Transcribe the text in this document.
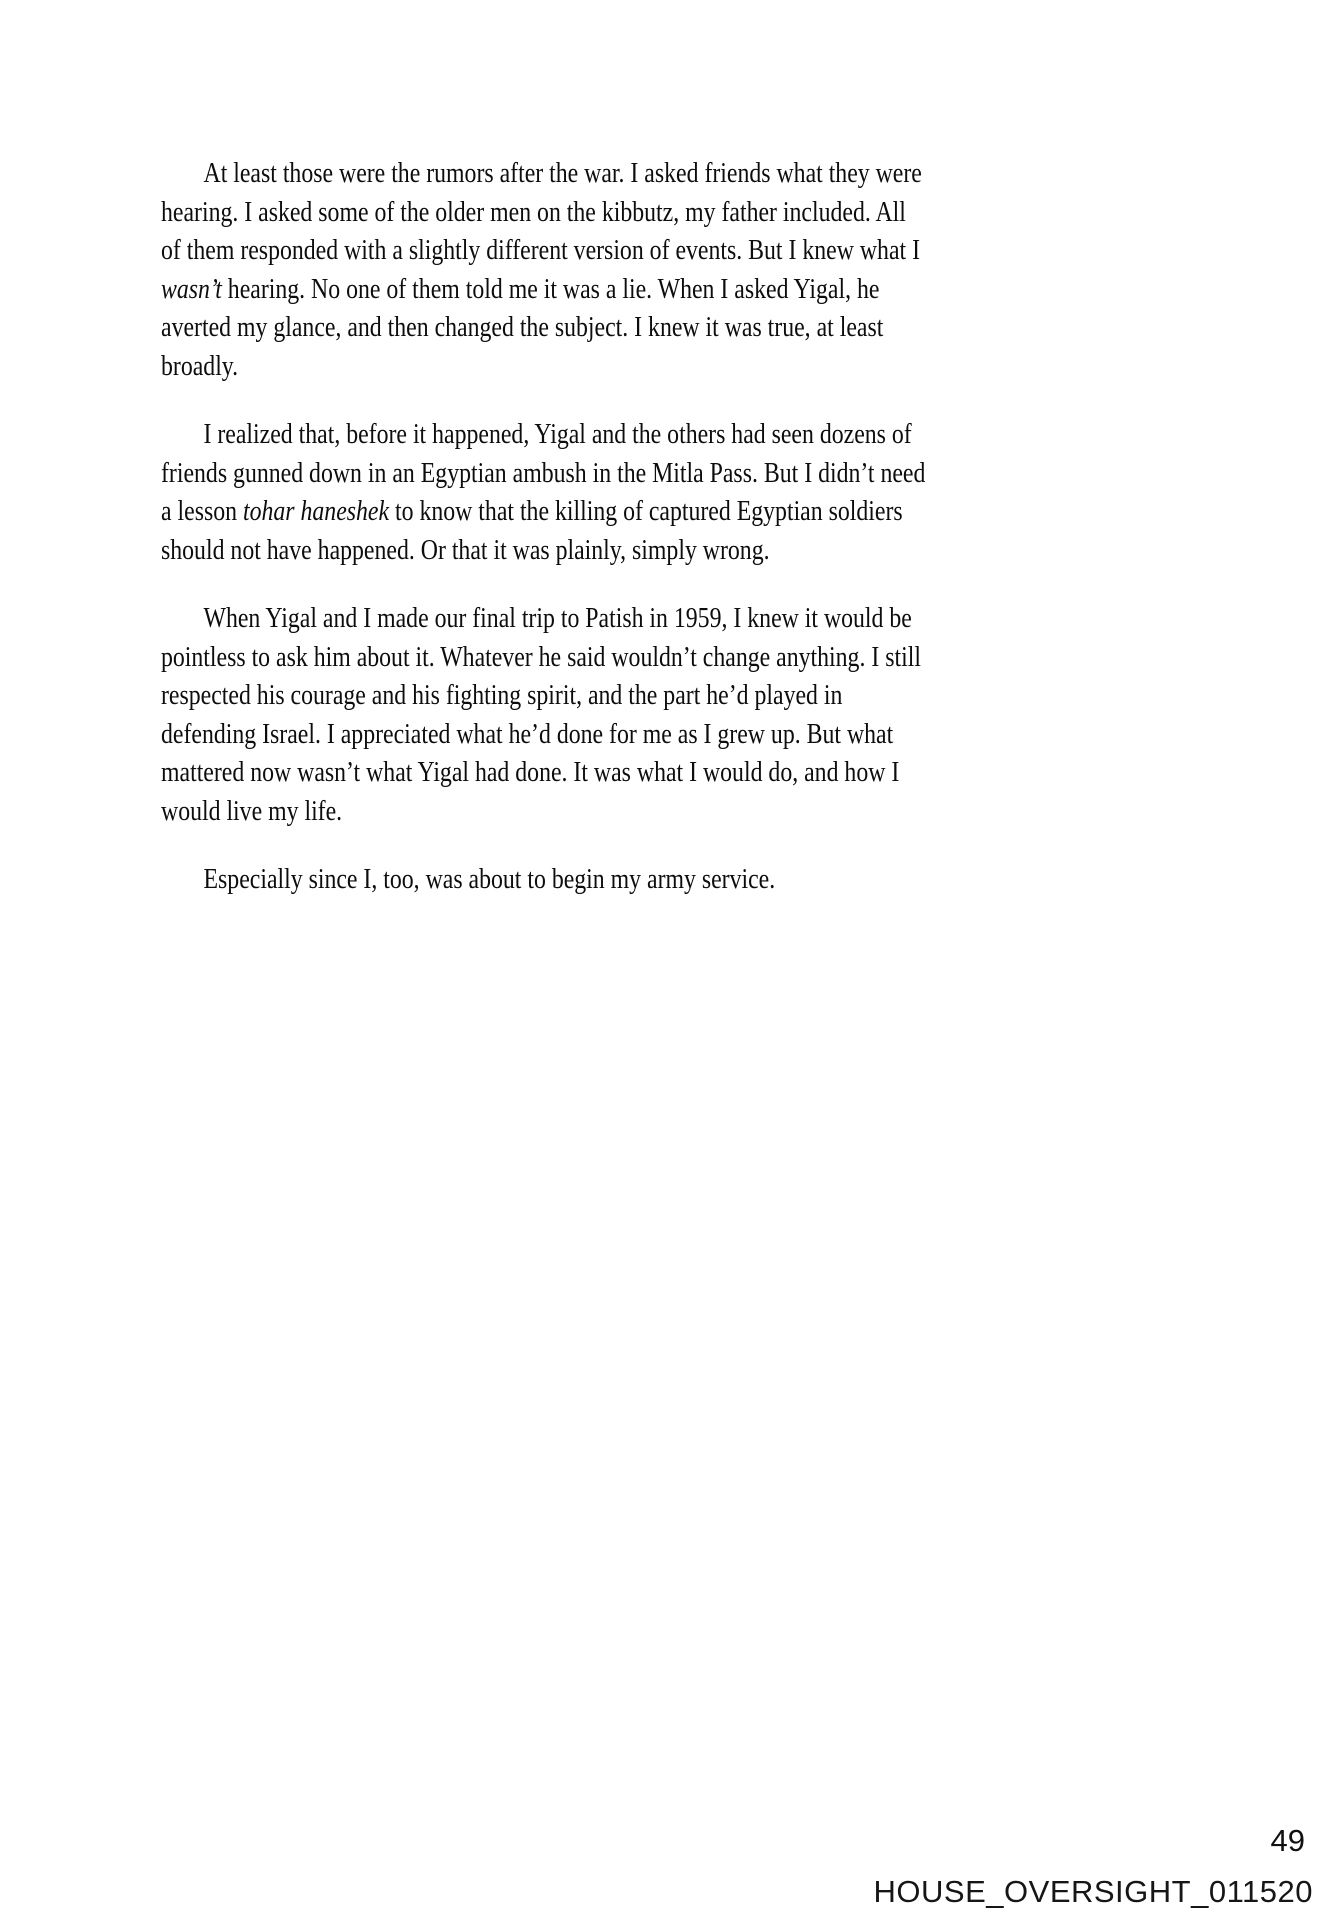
At least those were the rumors after the war. I asked friends what they were
hearing. I asked some of the older men on the kibbutz, my father included. All
of them responded with a slightly different version of events. But I knew what I
wasn’t hearing. No one of them told me it was a lie. When I asked Yigal, he
averted my glance, and then changed the subject. I knew it was true, at least
broadly.

I realized that, before it happened, Yigal and the others had seen dozens of
friends gunned down in an Egyptian ambush in the Mitla Pass. But I didn’t need
a lesson tohar haneshek to know that the killing of captured Egyptian soldiers
should not have happened. Or that it was plainly, simply wrong.

When Yigal and I made our final trip to Patish in 1959, I knew it would be
pointless to ask him about it. Whatever he said wouldn’t change anything. I still
respected his courage and his fighting spirit, and the part he’d played in
defending Israel. I appreciated what he’d done for me as I grew up. But what
mattered now wasn’t what Yigal had done. It was what I would do, and how I
would live my life.

Especially since I, too, was about to begin my army service.

49
HOUSE_OVERSIGHT_011520
